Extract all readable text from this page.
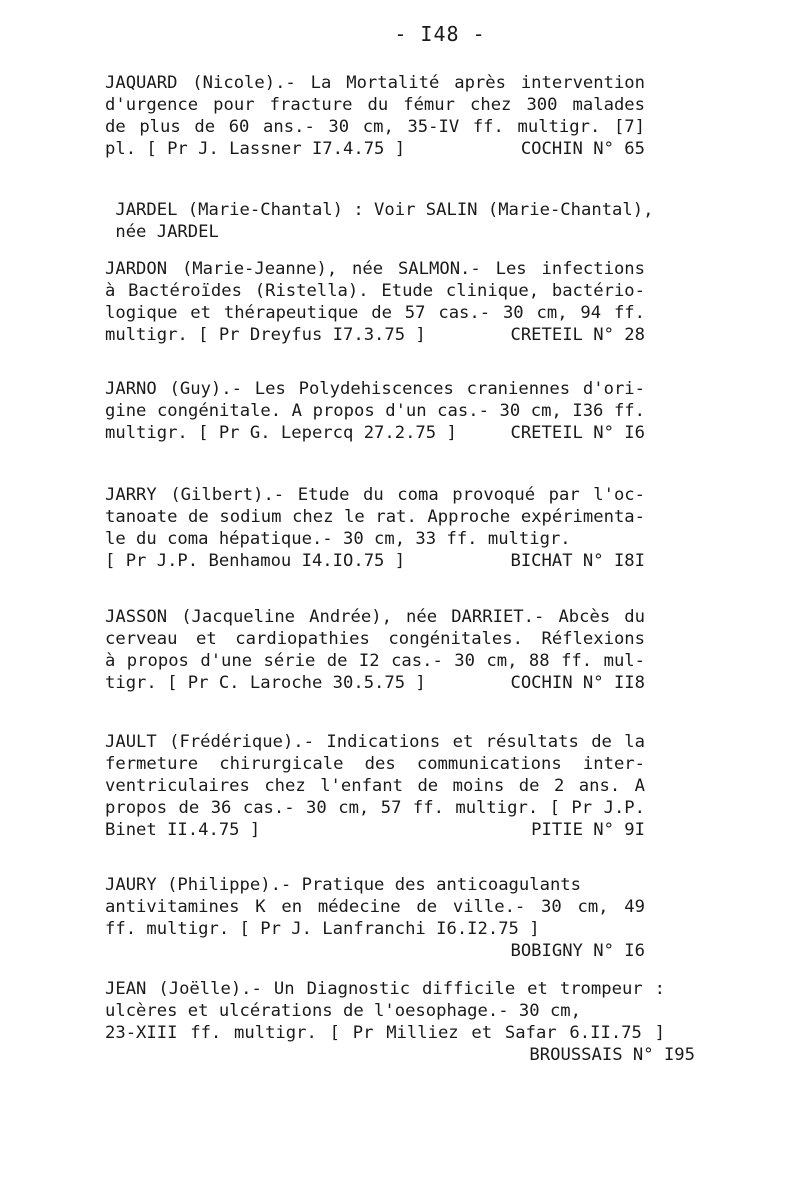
- I48 -
JAQUARD (Nicole).- La Mortalité après intervention
d'urgence pour fracture du fémur chez 300 malades
de plus de 60 ans.- 30 cm, 35-IV ff. multigr. [7]
pl. [ Pr J. Lassner I7.4.75 ]	COCHIN N° 65
JARDEL (Marie-Chantal) : Voir SALIN (Marie-Chantal),
née JARDEL
JARDON (Marie-Jeanne), née SALMON.- Les infections
à Bactéroïdes (Ristella). Etude clinique, bactério-
logique et thérapeutique de 57 cas.- 30 cm, 94 ff.
multigr. [ Pr Dreyfus I7.3.75 ]	CRETEIL N° 28
JARNO (Guy).- Les Polydehiscences craniennes d'ori-
gine congénitale. A propos d'un cas.- 30 cm, I36 ff.
multigr. [ Pr G. Lepercq 27.2.75 ]	CRETEIL N° I6
JARRY (Gilbert).- Etude du coma provoqué par l'oc-
tanoate de sodium chez le rat. Approche expérimenta-
le du coma hépatique.- 30 cm, 33 ff. multigr.
[ Pr J.P. Benhamou I4.IO.75 ]	BICHAT N° I8I
JASSON (Jacqueline Andrée), née DARRIET.- Abcès du
cerveau et cardiopathies congénitales. Réflexions
à propos d'une série de I2 cas.- 30 cm, 88 ff. mul-
tigr. [ Pr C. Laroche 30.5.75 ]	COCHIN N° II8
JAULT (Frédérique).- Indications et résultats de la
fermeture chirurgicale des communications inter-
ventriculaires chez l'enfant de moins de 2 ans. A
propos de 36 cas.- 30 cm, 57 ff. multigr. [ Pr J.P.
Binet II.4.75 ]	PITIE N° 9I
JAURY (Philippe).- Pratique des anticoagulants
antivitamines K en médecine de ville.- 30 cm, 49
ff. multigr. [ Pr J. Lanfranchi I6.I2.75 ]
BOBIGNY N° I6
JEAN (Joëlle).- Un Diagnostic difficile et trompeur :
ulcères et ulcérations de l'oesophage.- 30 cm,
23-XIII ff. multigr. [ Pr Milliez et Safar 6.II.75 ]
BROUSSAIS N° I95
